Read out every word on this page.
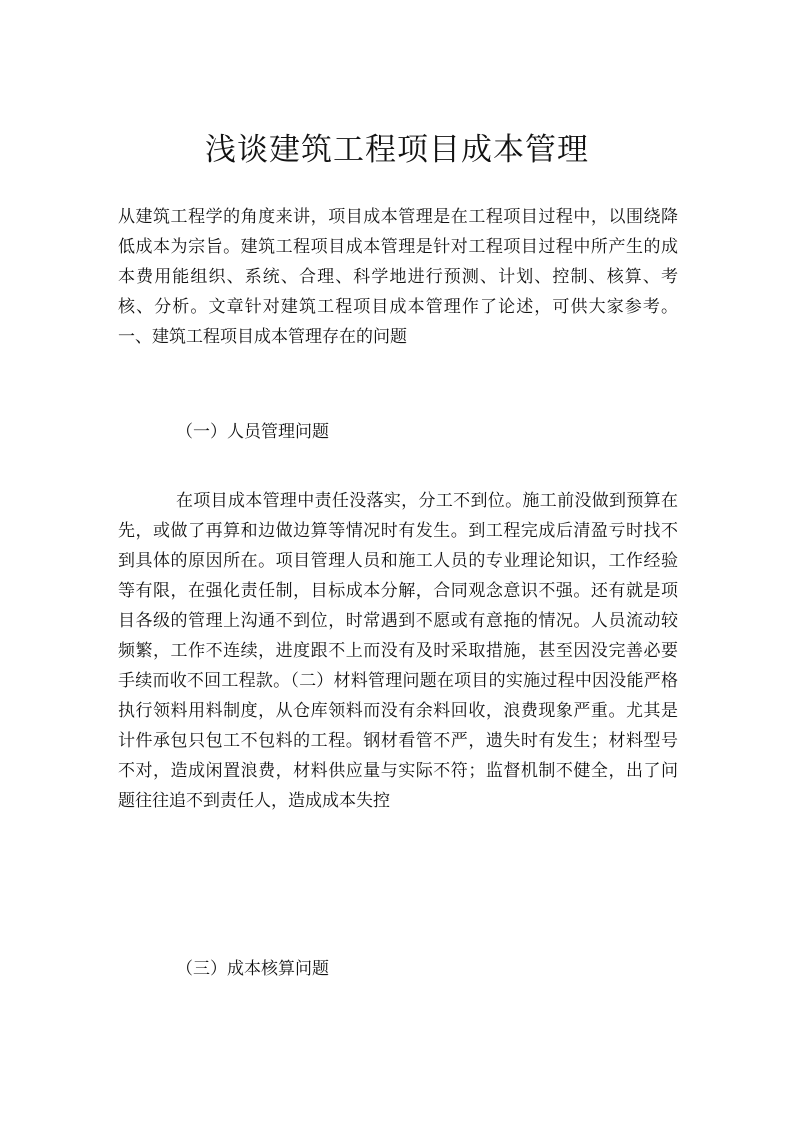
浅谈建筑工程项目成本管理

从建筑工程学的角度来讲，项目成本管理是在工程项目过程中，以围绕降低成本为宗旨。建筑工程项目成本管理是针对工程项目过程中所产生的成本费用能组织、系统、合理、科学地进行预测、计划、控制、核算、考核、分析。文章针对建筑工程项目成本管理作了论述，可供大家参考。一、建筑工程项目成本管理存在的问题

（一）人员管理问题

在项目成本管理中责任没落实，分工不到位。施工前没做到预算在先，或做了再算和边做边算等情况时有发生。到工程完成后清盈亏时找不到具体的原因所在。项目管理人员和施工人员的专业理论知识，工作经验等有限，在强化责任制，目标成本分解，合同观念意识不强。还有就是项目各级的管理上沟通不到位，时常遇到不愿或有意拖的情况。人员流动较频繁，工作不连续，进度跟不上而没有及时采取措施，甚至因没完善必要手续而收不回工程款。（二）材料管理问题在项目的实施过程中因没能严格执行领料用料制度，从仓库领料而没有余料回收，浪费现象严重。尤其是计件承包只包工不包料的工程。钢材看管不严，遗失时有发生；材料型号不对，造成闲置浪费，材料供应量与实际不符；监督机制不健全，出了问题往往追不到责任人，造成成本失控

（三）成本核算问题
